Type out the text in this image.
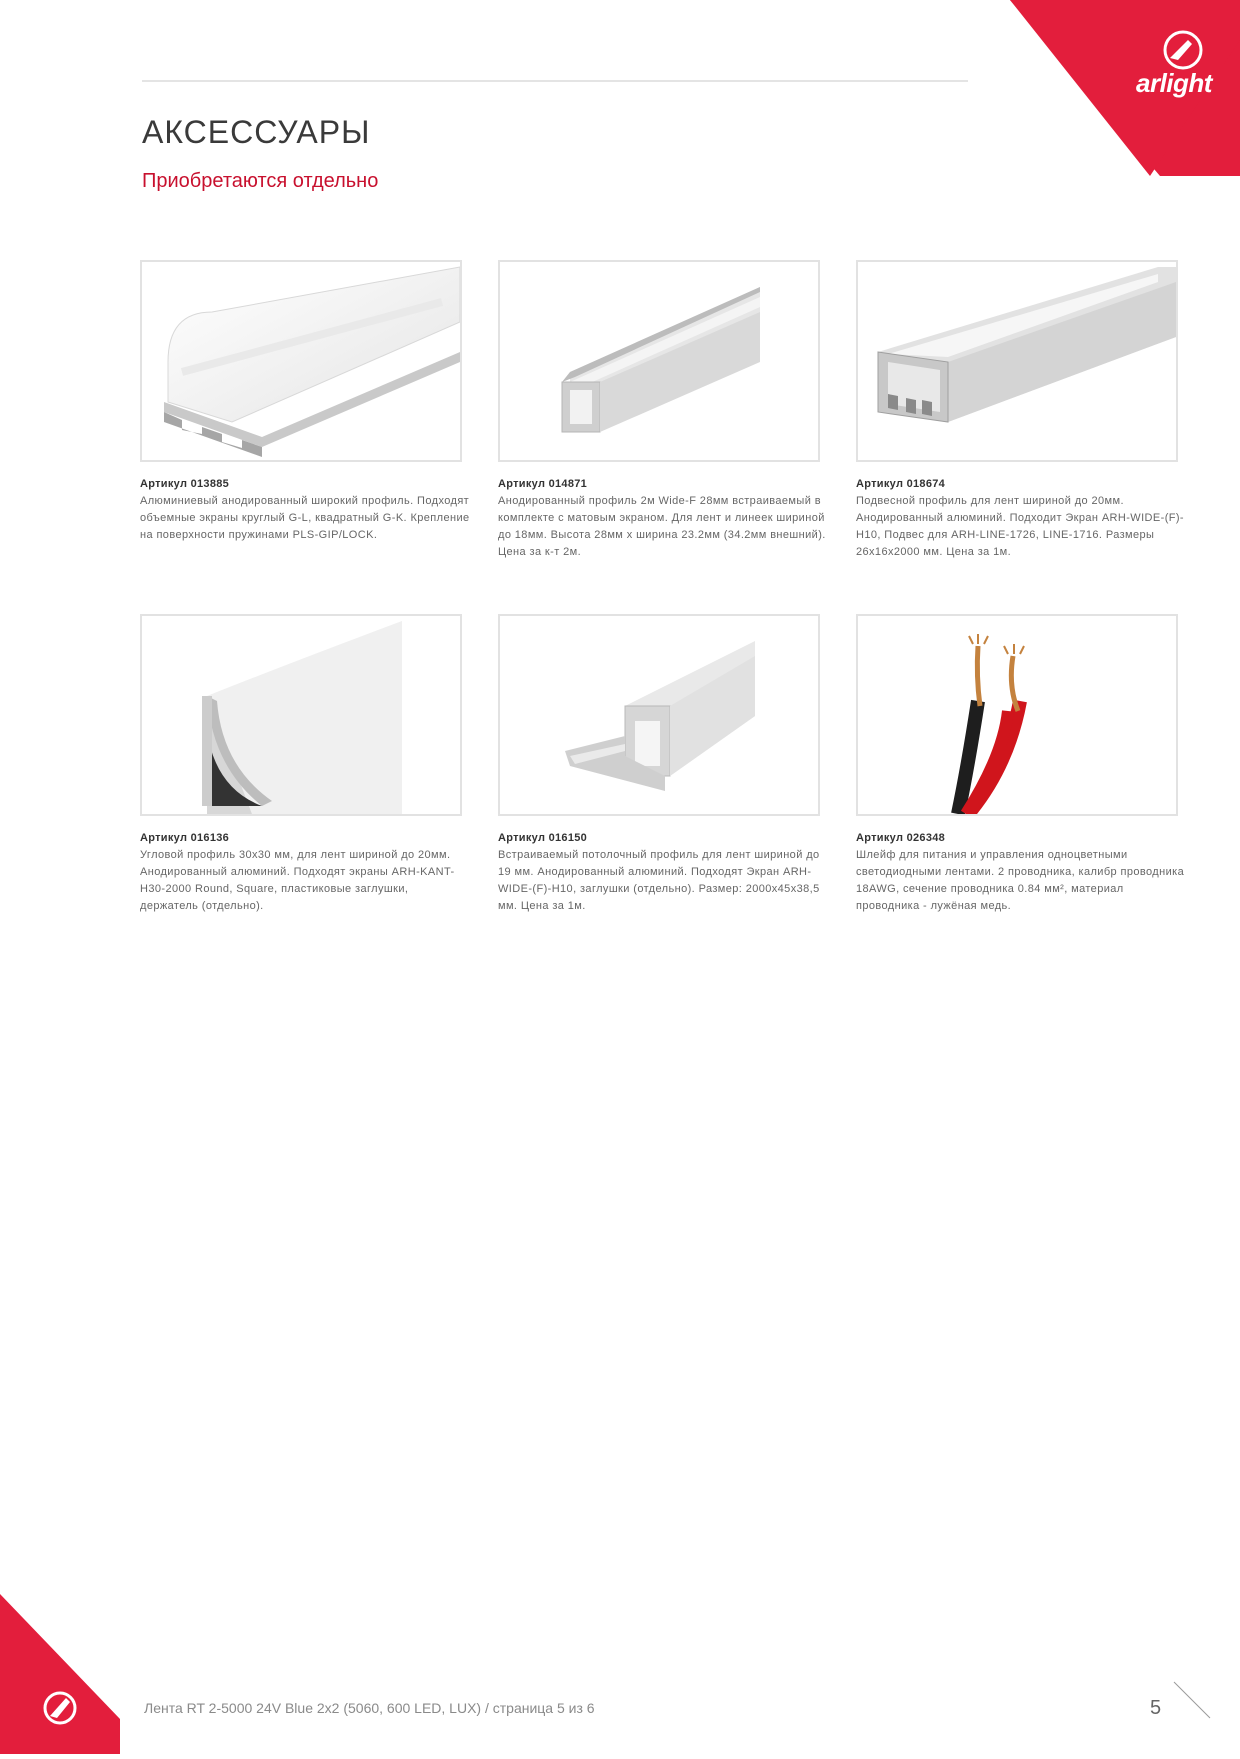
arlight
АКСЕССУАРЫ
Приобретаются отдельно
Артикул 013885
Алюминиевый анодированный широкий профиль. Подходят объемные экраны круглый G-L, квадратный G-K. Крепление на поверхности пружинами PLS-GIP/LOCK.
Артикул 014871
Анодированный профиль 2м Wide-F 28мм встраиваемый в комплекте с матовым экраном. Для лент и линеек шириной до 18мм. Высота 28мм х ширина 23.2мм (34.2мм внешний). Цена за к-т 2м.
Артикул 018674
Подвесной профиль для лент шириной до 20мм. Анодированный алюминий. Подходит Экран ARH-WIDE-(F)-H10, Подвес для ARH-LINE-1726, LINE-1716. Размеры 26x16x2000 мм. Цена за 1м.
Артикул 016136
Угловой профиль 30x30 мм, для лент шириной до 20мм. Анодированный алюминий. Подходят экраны ARH-KANT-H30-2000 Round, Square, пластиковые заглушки, держатель (отдельно).
Артикул 016150
Встраиваемый потолочный профиль для лент шириной до 19 мм. Анодированный алюминий. Подходят Экран ARH-WIDE-(F)-H10, заглушки (отдельно). Размер: 2000x45x38,5 мм. Цена за 1м.
Артикул 026348
Шлейф для питания и управления одноцветными светодиодными лентами. 2 проводника, калибр проводника 18AWG, сечение проводника 0.84 мм², материал проводника - лужёная медь.
Лента RT 2-5000 24V Blue 2x2 (5060, 600 LED, LUX) / страница 5 из 6	5
